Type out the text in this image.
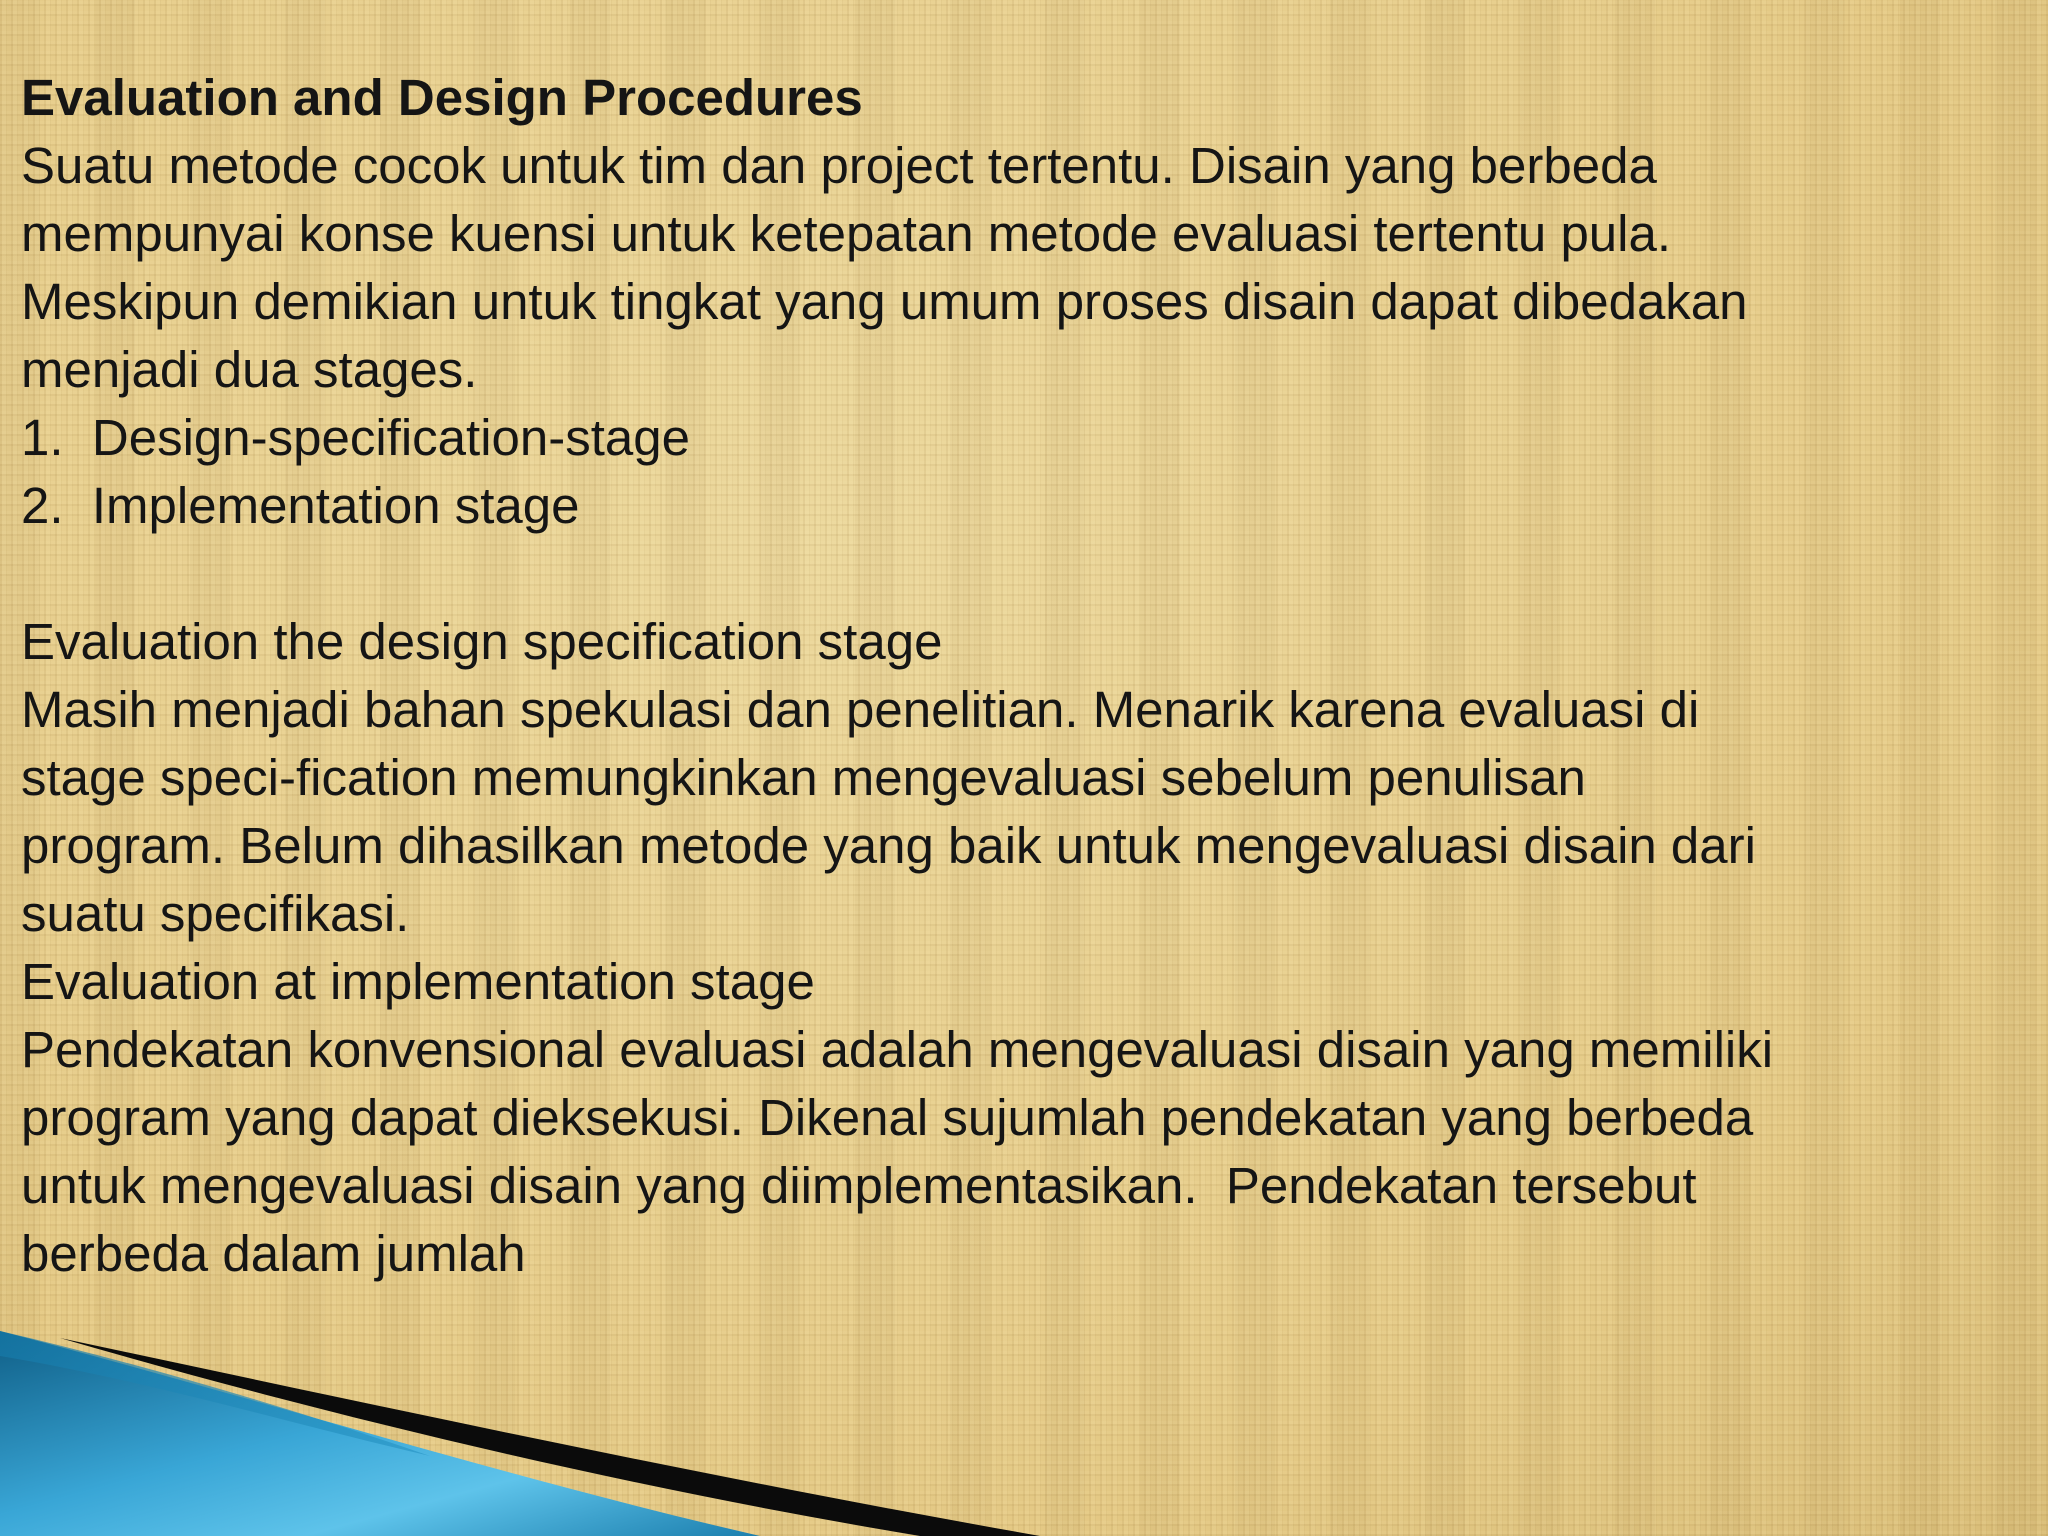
Evaluation and Design Procedures
Suatu metode cocok untuk tim dan project tertentu. Disain yang berbeda
mempunyai konse kuensi untuk ketepatan metode evaluasi tertentu pula.
Meskipun demikian untuk tingkat yang umum proses disain dapat dibedakan
menjadi dua stages.
1.  Design-specification-stage
2.  Implementation stage
Evaluation the design specification stage
Masih menjadi bahan spekulasi dan penelitian. Menarik karena evaluasi di
stage speci-fication memungkinkan mengevaluasi sebelum penulisan
program. Belum dihasilkan metode yang baik untuk mengevaluasi disain dari
suatu specifikasi.
Evaluation at implementation stage
Pendekatan konvensional evaluasi adalah mengevaluasi disain yang memiliki
program yang dapat dieksekusi. Dikenal sujumlah pendekatan yang berbeda
untuk mengevaluasi disain yang diimplementasikan.  Pendekatan tersebut
berbeda dalam jumlah
